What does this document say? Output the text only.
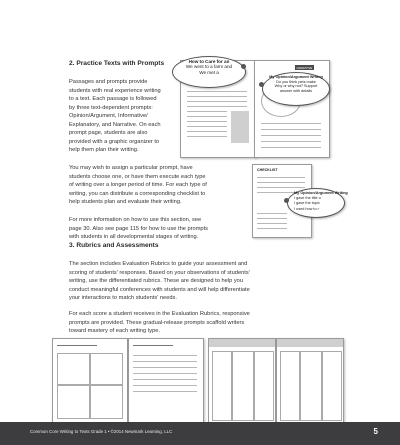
2. Practice Texts with Prompts
Passages and prompts provide
students with real experience writing
to a text. Each passage is followed
by three text-dependent prompts:
Opinion/Argument, Informative/
Explanatory, and Narrative. On each
prompt page, students are also
provided with a graphic organizer to
help them plan their writing.
You may wish to assign a particular prompt, have
students choose one, or have them execute each type
of writing over a longer period of time. For each type of
writing, you can distribute a corresponding checklist to
help students plan and evaluate their writing.
For more information on how to use this section, see
page 30. Also see page 115 for how to use the prompts
with students in all developmental stages of writing.
3. Rubrics and Assessments
The section includes Evaluation Rubrics to guide your assessment and
scoring of students' responses. Based on your observations of students'
writing, use the differentiated rubrics. These are designed to help you
conduct meaningful conferences with students and will help differentiate
your interactions to match students' needs.
For each score a student receives in the Evaluation Rubrics, responsive
prompts are provided. These gradual-release prompts scaffold writers
toward mastery of each writing type.
NARRATIVE
How to Care for an
We went to a farm and
We met a
My Opinion/Argument Writing
Do you think pets make
Why or why not? Support
answer with details
CHECKLIST
My Opinion/Argument Writing
I gave the title o
I gave the topic
I used how to r
Common Core Writing to Texts Grade 1 • ©2014 Newmark Learning, LLC	5
